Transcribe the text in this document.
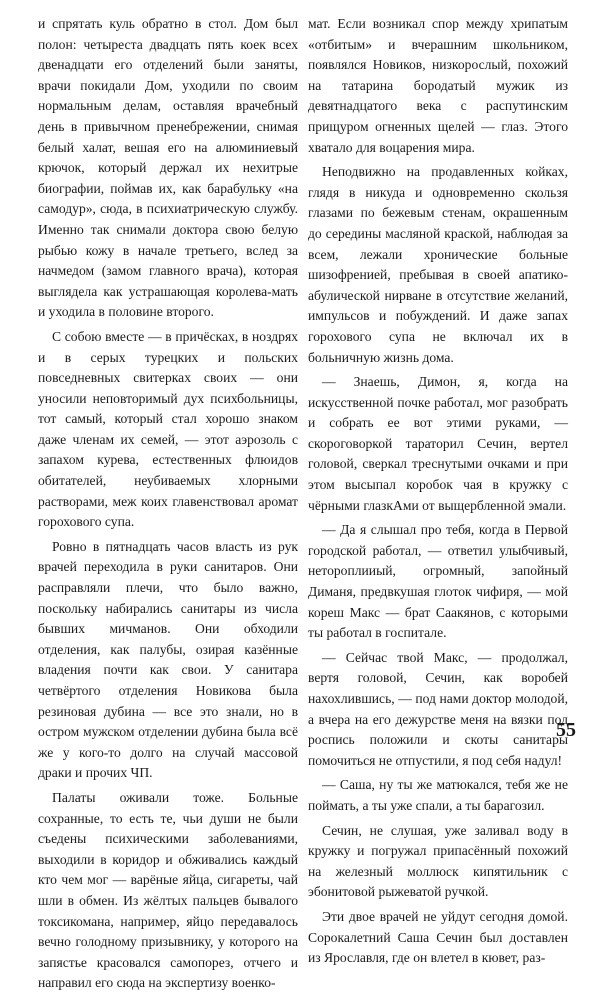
и спрятать куль обратно в стол. Дом был полон: четыреста двадцать пять коек всех двенадцати его отделений были заняты, врачи покидали Дом, уходили по своим нормальным делам, оставляя врачебный день в привычном пренебрежении, снимая белый халат, вешая его на алюминиевый крючок, который держал их нехитрые биографии, поймав их, как барабульку «на самодур», сюда, в психиатрическую службу. Именно так снимали доктора свою белую рыбью кожу в начале третьего, вслед за начмедом (замом главного врача), которая выглядела как устрашающая королева-мать и уходила в половине второго.

С собою вместе — в причёсках, в ноздрях и в серых турецких и польских повседневных свитерках своих — они уносили неповторимый дух психбольницы, тот самый, который стал хорошо знаком даже членам их семей, — этот аэрозоль с запахом курева, естественных флюидов обитателей, неубиваемых хлорными растворами, меж коих главенствовал аромат горохового супа.

Ровно в пятнадцать часов власть из рук врачей переходила в руки санитаров. Они расправляли плечи, что было важно, поскольку набирались санитары из числа бывших мичманов. Они обходили отделения, как палубы, озирая казённые владения почти как свои. У санитара четвёртого отделения Новикова была резиновая дубина — все это знали, но в остром мужском отделении дубина была всё же у кого-то долго на случай массовой драки и прочих ЧП.

Палаты оживали тоже. Больные сохранные, то есть те, чьи души не были съедены психическими заболеваниями, выходили в коридор и обживались каждый кто чем мог — варёные яйца, сигареты, чай шли в обмен. Из жёлтых пальцев бывалого токсикомана, например, яйцо передавалось вечно голодному призывнику, у которого на запястье красовался самопорез, отчего и направил его сюда на экспертизу военко-

мат. Если возникал спор между хрипатым «отбитым» и вчерашним школьником, появлялся Новиков, низкорослый, похожий на татарина бородатый мужик из девятнадцатого века с распутинским прищуром огненных щелей — глаз. Этого хватало для воцарения мира.

Неподвижно на продавленных койках, глядя в никуда и одновременно скользя глазами по бежевым стенам, окрашенным до середины масляной краской, наблюдая за всем, лежали хронические больные шизофренией, пребывая в своей апатико-абулической нирване в отсутствие желаний, импульсов и побуждений. И даже запах горохового супа не включал их в больничную жизнь дома.

— Знаешь, Димон, я, когда на искусственной почке работал, мог разобрать и собрать ее вот этими руками, — скороговоркой тараторил Сечин, вертел головой, сверкал треснутыми очками и при этом высыпал коробок чая в кружку с чёрными глазкАми от выщербленной эмали.

— Да я слышал про тебя, когда в Первой городской работал, — ответил улыбчивый, нетороплииый, огромный, запойный Диманя, предвкушая глоток чифиря, — мой кореш Макс — брат Саакянов, с которыми ты работал в госпитале.

— Сейчас твой Макс, — продолжал, вертя головой, Сечин, как воробей нахохлившись, — под нами доктор молодой, а вчера на его дежурстве меня на вязки под роспись положили и скоты санитары помочиться не отпустили, я под себя надул!

— Саша, ну ты же матюкался, тебя же не поймать, а ты уже спали, а ты барагозил.

Сечин, не слушая, уже заливал воду в кружку и погружал припасённый похожий на железный моллюск кипятильник с эбонитовой рыжеватой ручкой.

Эти двое врачей не уйдут сегодня домой. Сорокалетний Саша Сечин был доставлен из Ярославля, где он влетел в кювет, раз-

55
